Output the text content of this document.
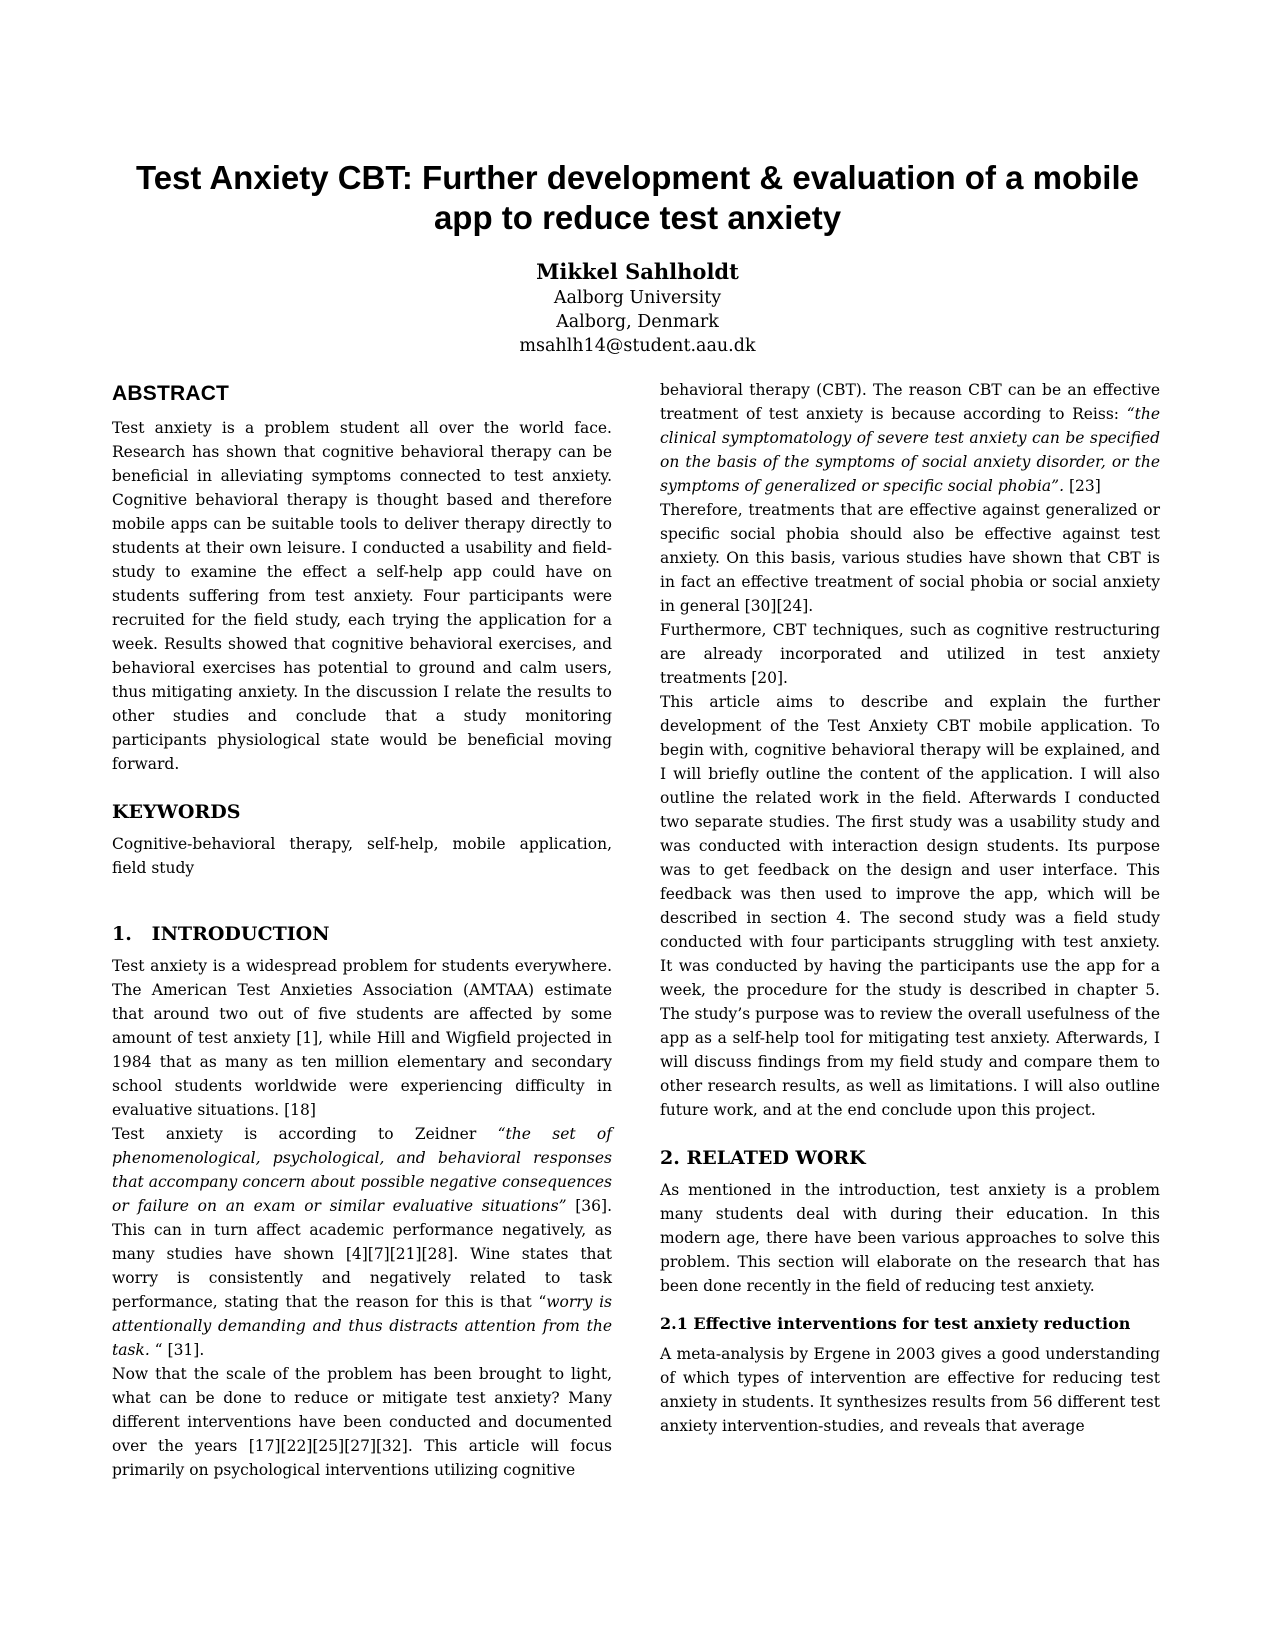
Test Anxiety CBT: Further development & evaluation of a mobile app to reduce test anxiety

Mikkel Sahlholdt

Aalborg University

Aalborg, Denmark

msahlh14@student.aau.dk

ABSTRACT

Test anxiety is a problem student all over the world face. Research has shown that cognitive behavioral therapy can be beneficial in alleviating symptoms connected to test anxiety. Cognitive behavioral therapy is thought based and therefore mobile apps can be suitable tools to deliver therapy directly to students at their own leisure. I conducted a usability and field-study to examine the effect a self-help app could have on students suffering from test anxiety. Four participants were recruited for the field study, each trying the application for a week. Results showed that cognitive behavioral exercises, and behavioral exercises has potential to ground and calm users, thus mitigating anxiety. In the discussion I relate the results to other studies and conclude that a study monitoring participants physiological state would be beneficial moving forward.

KEYWORDS

Cognitive-behavioral therapy, self-help, mobile application, field study

1.   INTRODUCTION

Test anxiety is a widespread problem for students everywhere. The American Test Anxieties Association (AMTAA) estimate that around two out of five students are affected by some amount of test anxiety [1], while Hill and Wigfield projected in 1984 that as many as ten million elementary and secondary school students worldwide were experiencing difficulty in evaluative situations. [18]

Test anxiety is according to Zeidner “the set of phenomenological, psychological, and behavioral responses that accompany concern about possible negative consequences or failure on an exam or similar evaluative situations” [36]. This can in turn affect academic performance negatively, as many studies have shown [4][7][21][28]. Wine states that worry is consistently and negatively related to task performance, stating that the reason for this is that “worry is attentionally demanding and thus distracts attention from the task. “ [31].

Now that the scale of the problem has been brought to light, what can be done to reduce or mitigate test anxiety? Many different interventions have been conducted and documented over the years [17][22][25][27][32]. This article will focus primarily on psychological interventions utilizing cognitive

behavioral therapy (CBT). The reason CBT can be an effective treatment of test anxiety is because according to Reiss: “the clinical symptomatology of severe test anxiety can be specified on the basis of the symptoms of social anxiety disorder, or the symptoms of generalized or specific social phobia”. [23]

Therefore, treatments that are effective against generalized or specific social phobia should also be effective against test anxiety. On this basis, various studies have shown that CBT is in fact an effective treatment of social phobia or social anxiety in general [30][24].

Furthermore, CBT techniques, such as cognitive restructuring are already incorporated and utilized in test anxiety treatments [20].

This article aims to describe and explain the further development of the Test Anxiety CBT mobile application. To begin with, cognitive behavioral therapy will be explained, and I will briefly outline the content of the application. I will also outline the related work in the field. Afterwards I conducted two separate studies. The first study was a usability study and was conducted with interaction design students. Its purpose was to get feedback on the design and user interface. This feedback was then used to improve the app, which will be described in section 4. The second study was a field study conducted with four participants struggling with test anxiety. It was conducted by having the participants use the app for a week, the procedure for the study is described in chapter 5. The study’s purpose was to review the overall usefulness of the app as a self-help tool for mitigating test anxiety. Afterwards, I will discuss findings from my field study and compare them to other research results, as well as limitations. I will also outline future work, and at the end conclude upon this project.

2. RELATED WORK

As mentioned in the introduction, test anxiety is a problem many students deal with during their education. In this modern age, there have been various approaches to solve this problem. This section will elaborate on the research that has been done recently in the field of reducing test anxiety.

2.1 Effective interventions for test anxiety reduction

A meta-analysis by Ergene in 2003 gives a good understanding of which types of intervention are effective for reducing test anxiety in students. It synthesizes results from 56 different test anxiety intervention-studies, and reveals that average
